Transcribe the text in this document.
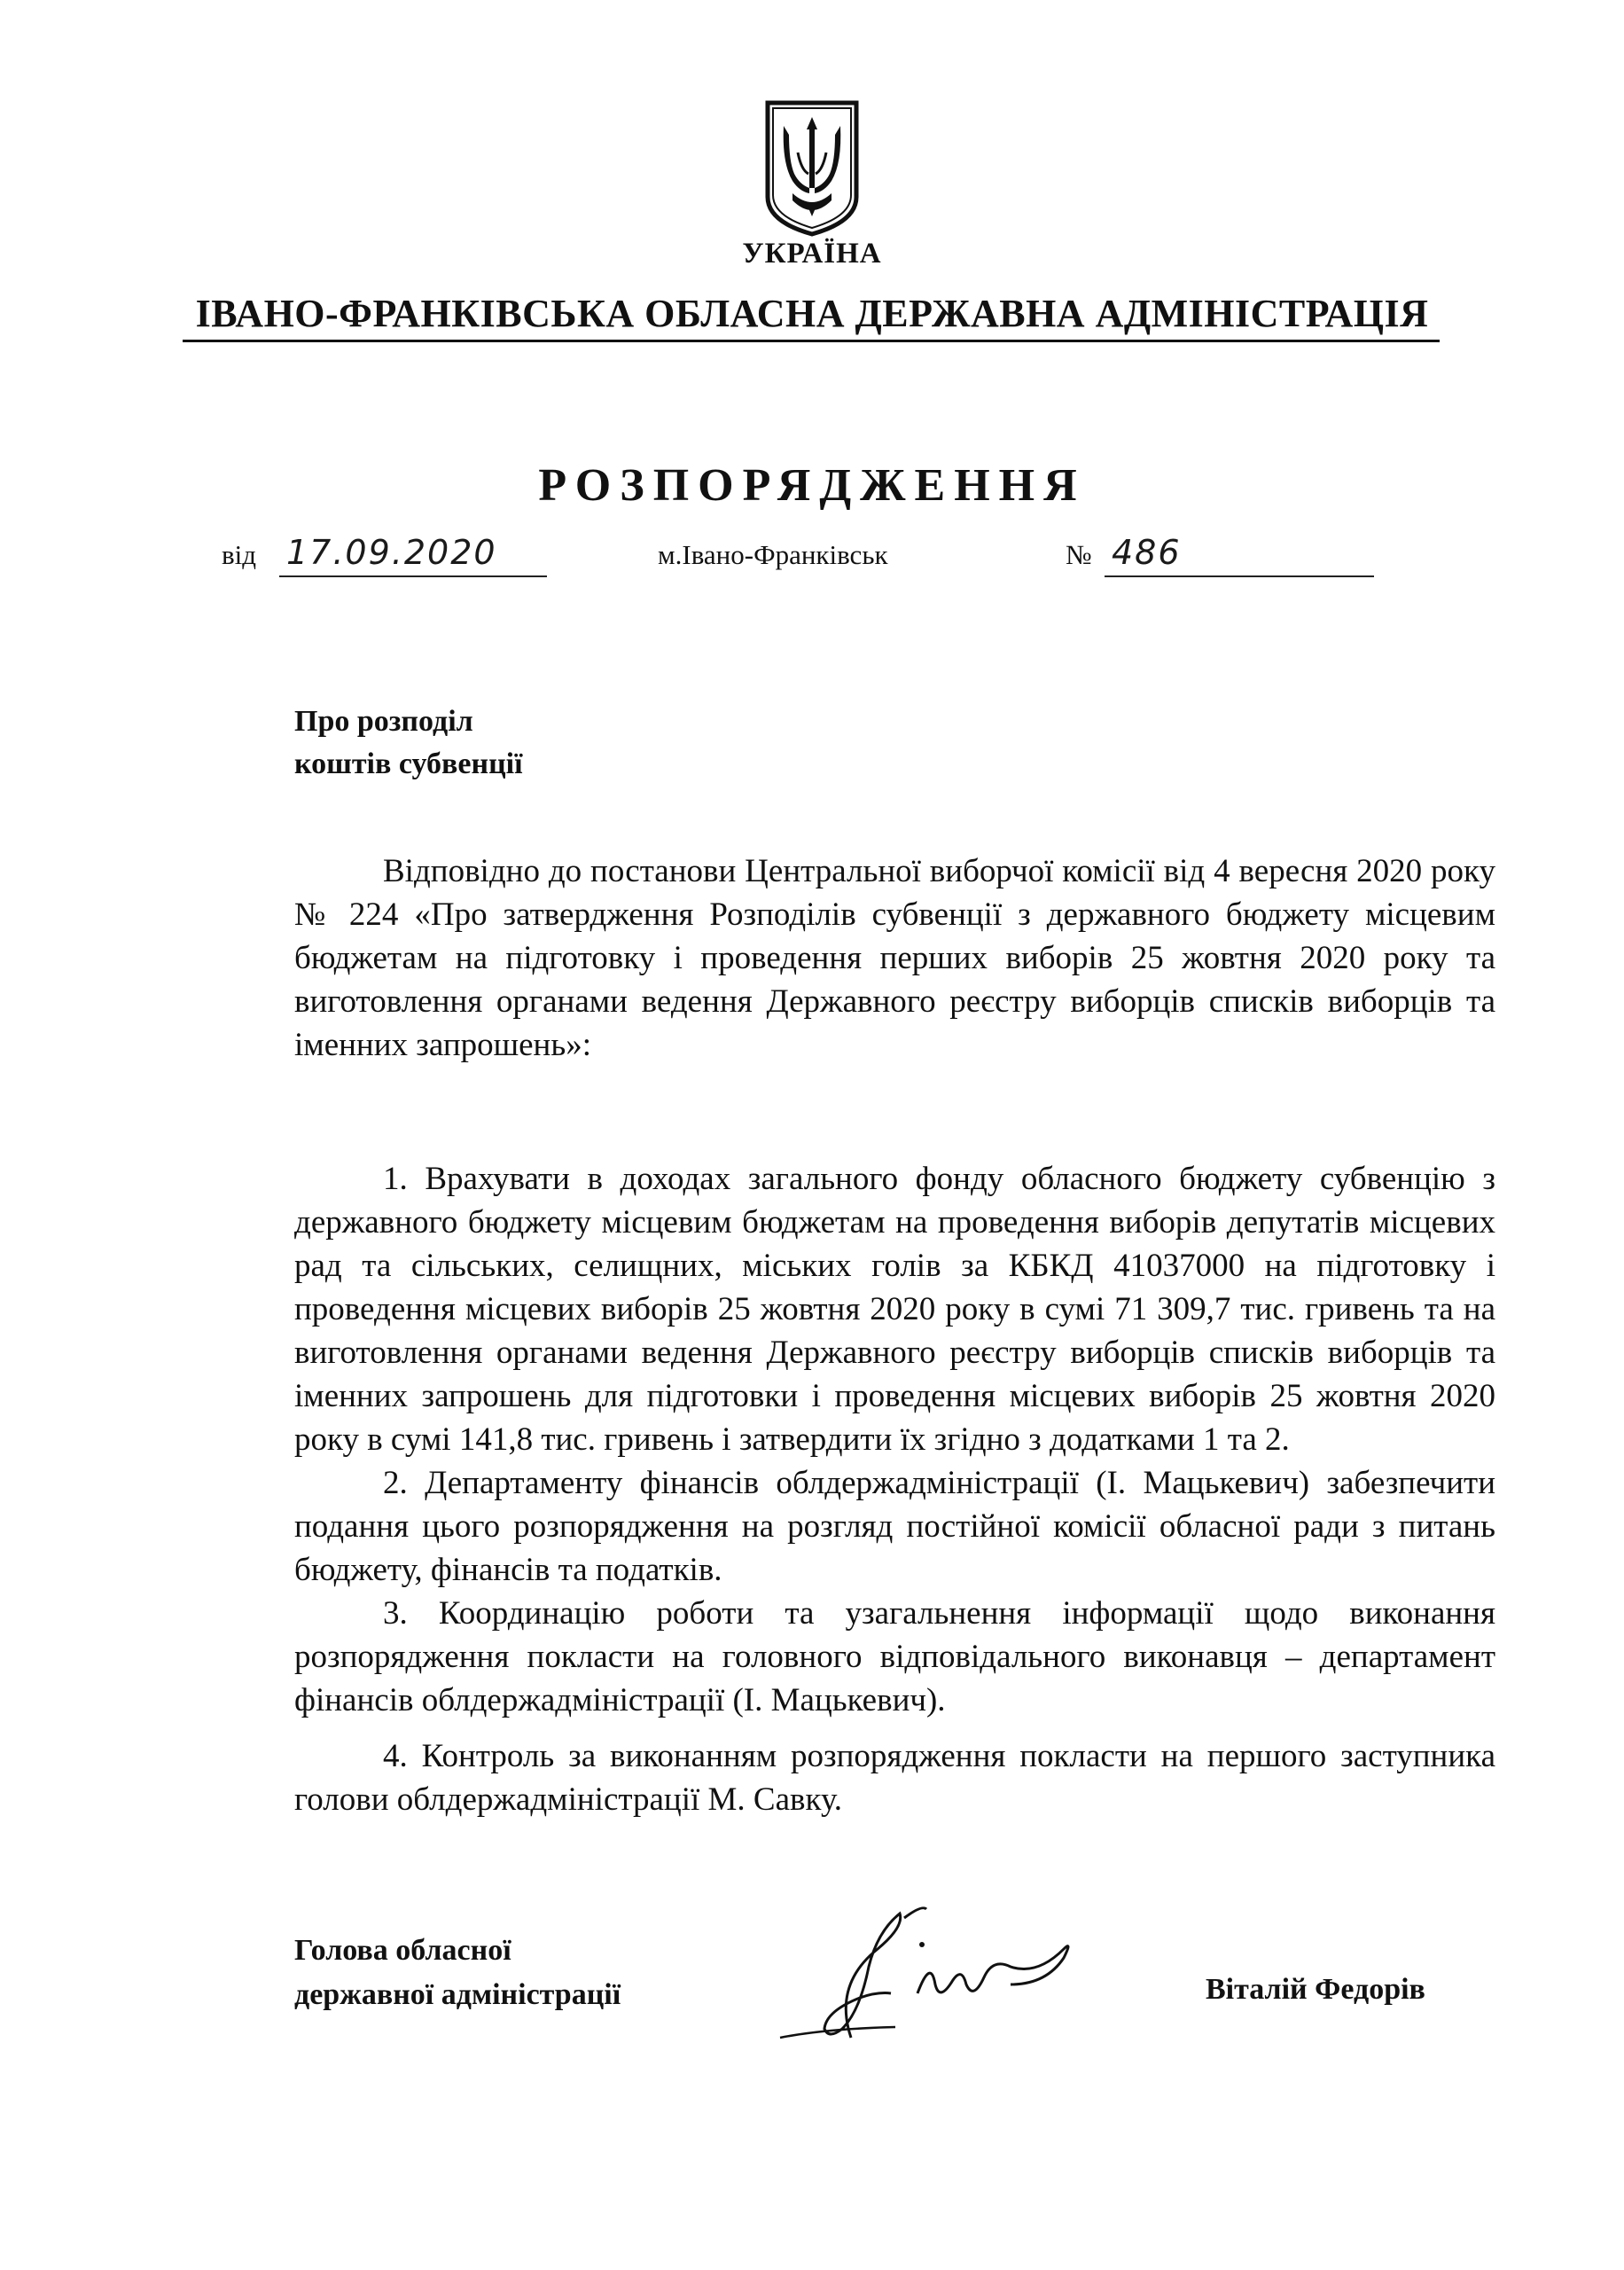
УКРАЇНА
ІВАНО-ФРАНКІВСЬКА ОБЛАСНА ДЕРЖАВНА АДМІНІСТРАЦІЯ
РОЗПОРЯДЖЕННЯ
від 17.09.2020	м.Івано-Франківськ	№ 486
Про розподіл
коштів субвенції

Відповідно до постанови Центральної виборчої комісії від 4 вересня 2020 року № 224 «Про затвердження Розподілів субвенції з державного бюджету місцевим бюджетам на підготовку і проведення перших виборів 25 жовтня 2020 року та виготовлення органами ведення Державного реєстру виборців списків виборців та іменних запрошень»:

1. Врахувати в доходах загального фонду обласного бюджету субвенцію з державного бюджету місцевим бюджетам на проведення виборів депутатів місцевих рад та сільських, селищних, міських голів за КБКД 41037000 на підготовку і проведення місцевих виборів 25 жовтня 2020 року в сумі 71 309,7 тис. гривень та на виготовлення органами ведення Державного реєстру виборців списків виборців та іменних запрошень для підготовки і проведення місцевих виборів 25 жовтня 2020 року в сумі 141,8 тис. гривень і затвердити їх згідно з додатками 1 та 2.

2. Департаменту фінансів облдержадміністрації (І. Мацькевич) забезпечити подання цього розпорядження на розгляд постійної комісії обласної ради з питань бюджету, фінансів та податків.

3. Координацію роботи та узагальнення інформації щодо виконання розпорядження покласти на головного відповідального виконавця – департамент фінансів облдержадміністрації (І. Мацькевич).

4. Контроль за виконанням розпорядження покласти на першого заступника голови облдержадміністрації М. Савку.

Голова обласної
державної адміністрації	Віталій Федорів
